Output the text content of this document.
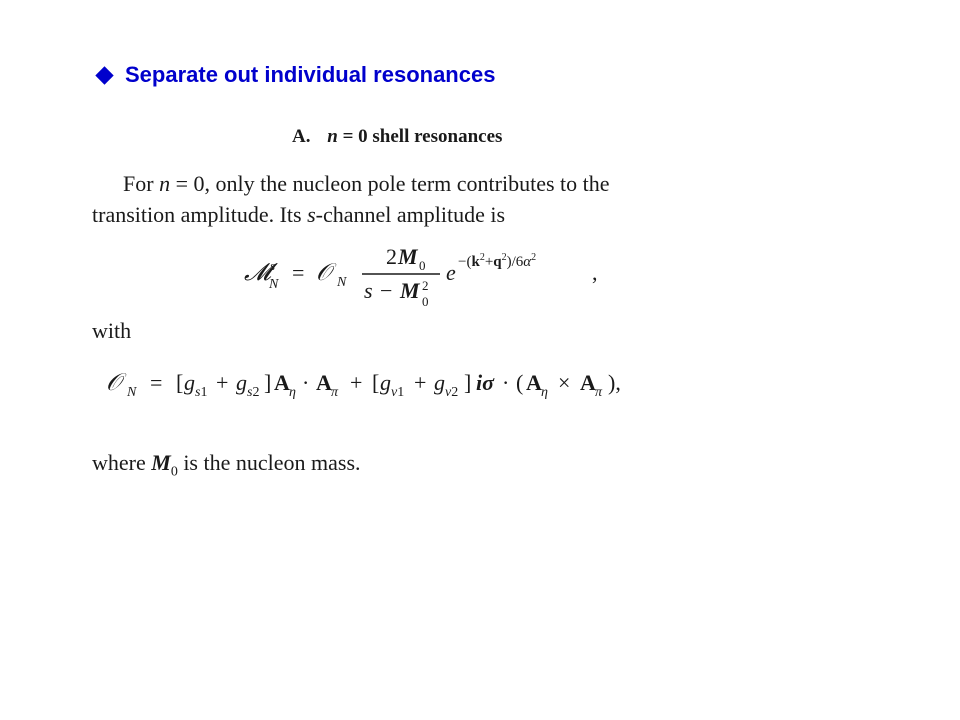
Separate out individual resonances
A. n = 0 shell resonances
For n = 0, only the nucleon pole term contributes to the
transition amplitude. Its s-channel amplitude is
𝓜 s
N = 𝒪 N
2 M 0
s − M 2
0
$e -(k^2+q^2)/6\alpha^2$
,
with
𝒪 N = [ g s1 + g s2 ] A η · A π + [ g v1 + g v2 ] iσ · ( A η × A π ),
where $M_0$ is the nucleon mass.
